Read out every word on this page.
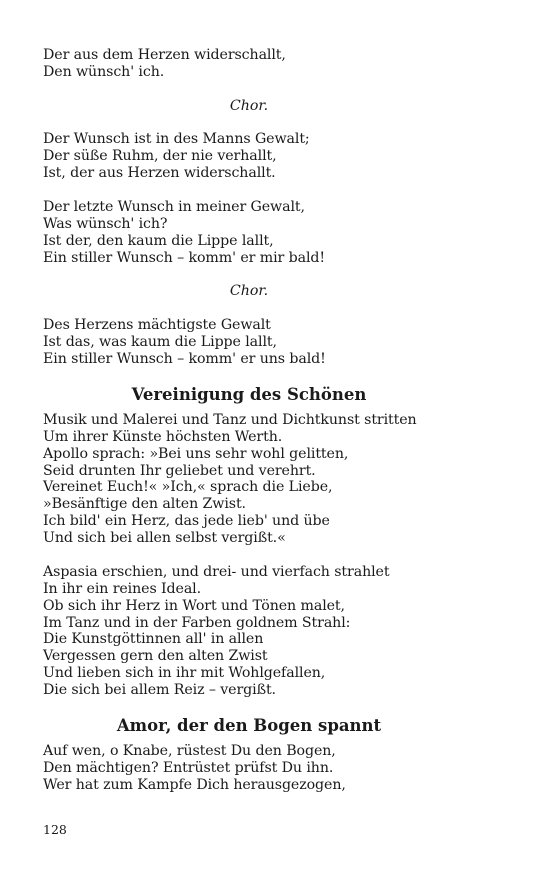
Der aus dem Herzen widerschallt,
Den wünsch' ich.
Chor.
Der Wunsch ist in des Manns Gewalt;
Der süße Ruhm, der nie verhallt,
Ist, der aus Herzen widerschallt.
Der letzte Wunsch in meiner Gewalt,
Was wünsch' ich?
Ist der, den kaum die Lippe lallt,
Ein stiller Wunsch – komm' er mir bald!
Chor.
Des Herzens mächtigste Gewalt
Ist das, was kaum die Lippe lallt,
Ein stiller Wunsch – komm' er uns bald!
Vereinigung des Schönen
Musik und Malerei und Tanz und Dichtkunst stritten
Um ihrer Künste höchsten Werth.
Apollo sprach: »Bei uns sehr wohl gelitten,
Seid drunten Ihr geliebet und verehrt.
Vereinet Euch!« »Ich,« sprach die Liebe,
»Besänftige den alten Zwist.
Ich bild' ein Herz, das jede lieb' und übe
Und sich bei allen selbst vergißt.«
Aspasia erschien, und drei- und vierfach strahlet
In ihr ein reines Ideal.
Ob sich ihr Herz in Wort und Tönen malet,
Im Tanz und in der Farben goldnem Strahl:
Die Kunstgöttinnen all' in allen
Vergessen gern den alten Zwist
Und lieben sich in ihr mit Wohlgefallen,
Die sich bei allem Reiz – vergißt.
Amor, der den Bogen spannt
Auf wen, o Knabe, rüstest Du den Bogen,
Den mächtigen? Entrüstet prüfst Du ihn.
Wer hat zum Kampfe Dich herausgezogen,
128
